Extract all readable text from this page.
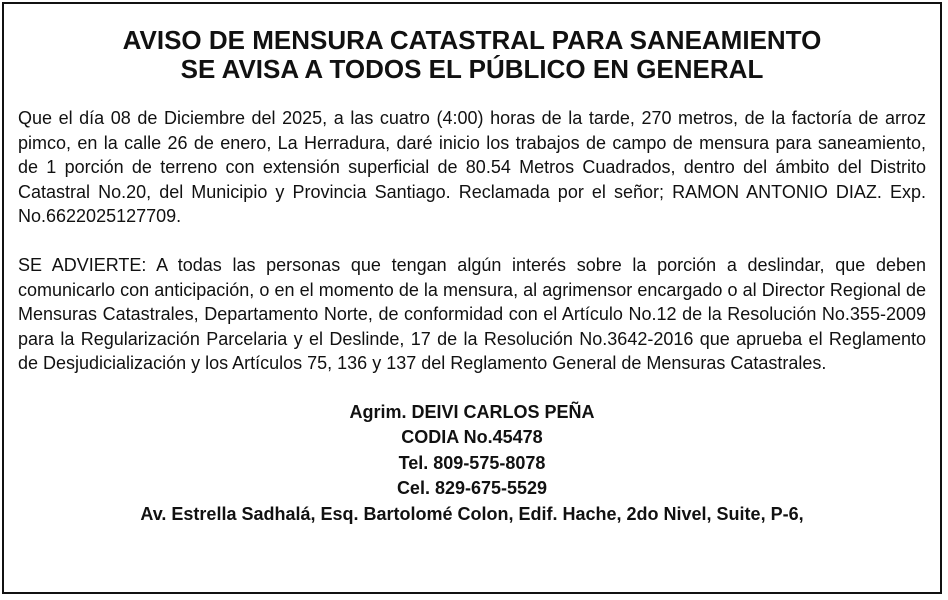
AVISO DE MENSURA CATASTRAL PARA SANEAMIENTO
SE AVISA A TODOS EL PÚBLICO EN GENERAL

Que el día 08 de Diciembre del 2025, a las cuatro (4:00) horas de la tarde, 270 metros, de la factoría de arroz pimco, en la calle 26 de enero, La Herradura, daré inicio los trabajos de campo de mensura para saneamiento, de 1 porción de terreno con extensión superficial de 80.54 Metros Cuadrados, dentro del ámbito del Distrito Catastral No.20, del Municipio y Provincia Santiago. Reclamada por el señor; RAMON ANTONIO DIAZ. Exp. No.6622025127709.

SE ADVIERTE: A todas las personas que tengan algún interés sobre la porción a deslindar, que deben comunicarlo con anticipación, o en el momento de la mensura, al agrimensor encargado o al Director Regional de Mensuras Catastrales, Departamento Norte, de conformidad con el Artículo No.12 de la Resolución No.355-2009 para la Regularización Parcelaria y el Deslinde, 17 de la Resolución No.3642-2016 que aprueba el Reglamento de Desjudicialización y los Artículos 75, 136 y 137 del Reglamento General de Mensuras Catastrales.

Agrim. DEIVI CARLOS PEÑA
CODIA No.45478
Tel. 809-575-8078
Cel. 829-675-5529
Av. Estrella Sadhalá, Esq. Bartolomé Colon, Edif. Hache, 2do Nivel, Suite, P-6,
